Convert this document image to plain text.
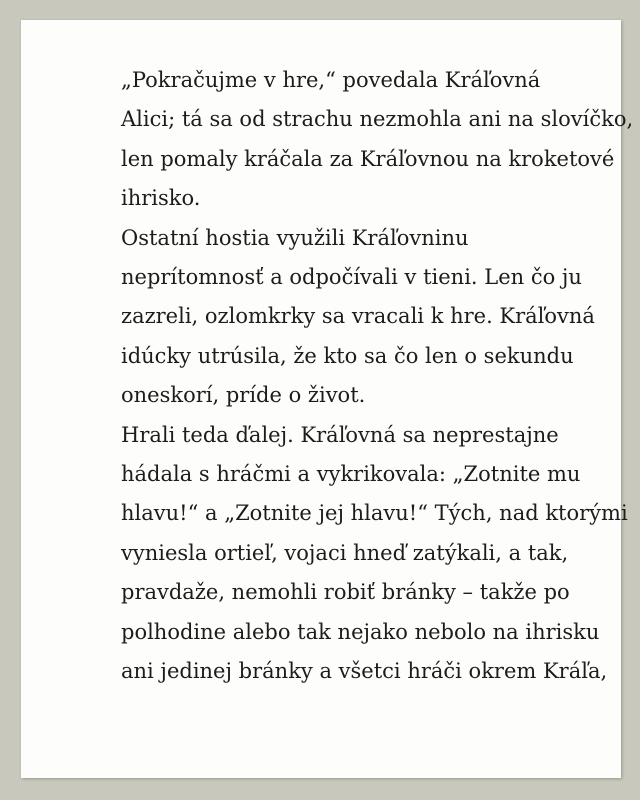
„Pokračujme v hre,“ povedala Kráľovná
Alici; tá sa od strachu nezmohla ani na slovíčko,
len pomaly kráčala za Kráľovnou na kroketové
ihrisko.

Ostatní hostia využili Kráľovninu
neprítomnosť a odpočívali v tieni. Len čo ju
zazreli, ozlomkrky sa vracali k hre. Kráľovná
idúcky utrúsila, že kto sa čo len o sekundu
oneskorí, príde o život.

Hrali teda ďalej. Kráľovná sa neprestajne
hádala s hráčmi a vykrikovala: „Zotnite mu
hlavu!“ a „Zotnite jej hlavu!“ Tých, nad ktorými
vyniesla ortieľ, vojaci hneď zatýkali, a tak,
pravdaže, nemohli robiť bránky – takže po
polhodine alebo tak nejako nebolo na ihrisku
ani jedinej bránky a všetci hráči okrem Kráľa,
